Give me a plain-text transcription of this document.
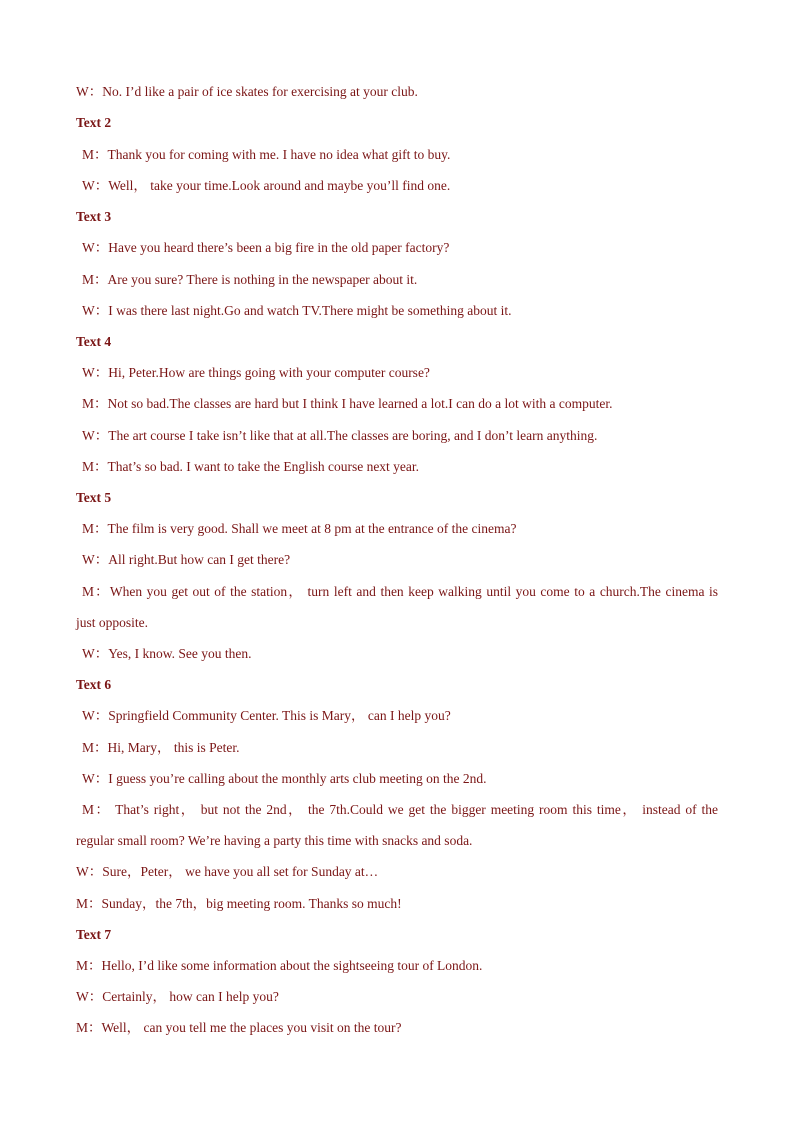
W：No. I’d like a pair of ice skates for exercising at your club.
Text 2
M：Thank you for coming with me. I have no idea what gift to buy.
W：Well， take your time.Look around and maybe you’ll find one.
Text 3
W：Have you heard there’s been a big fire in the old paper factory?
M：Are you sure? There is nothing in the newspaper about it.
W：I was there last night.Go and watch TV.There might be something about it.
Text 4
W：Hi, Peter.How are things going with your computer course?
M：Not so bad.The classes are hard but I think I have learned a lot.I can do a lot with a computer.
W：The art course I take isn’t like that at all.The classes are boring, and I don’t learn anything.
M：That’s so bad. I want to take the English course next year.
Text 5
M：The film is very good. Shall we meet at 8 pm at the entrance of the cinema?
W：All right.But how can I get there?
M：When you get out of the station， turn left and then keep walking until you come to a church.The cinema is
just opposite.
W：Yes, I know. See you then.
Text 6
W：Springfield Community Center. This is Mary， can I help you?
M：Hi, Mary， this is Peter.
W：I guess you’re calling about the monthly arts club meeting on the 2nd.
M： That’s right， but not the 2nd， the 7th.Could we get the bigger meeting room this time， instead of the
regular small room? We’re having a party this time with snacks and soda.
W：Sure，Peter， we have you all set for Sunday at…
M：Sunday，the 7th，big meeting room. Thanks so much!
Text 7
M：Hello, I’d like some information about the sightseeing tour of London.
W：Certainly， how can I help you?
M：Well， can you tell me the places you visit on the tour?
